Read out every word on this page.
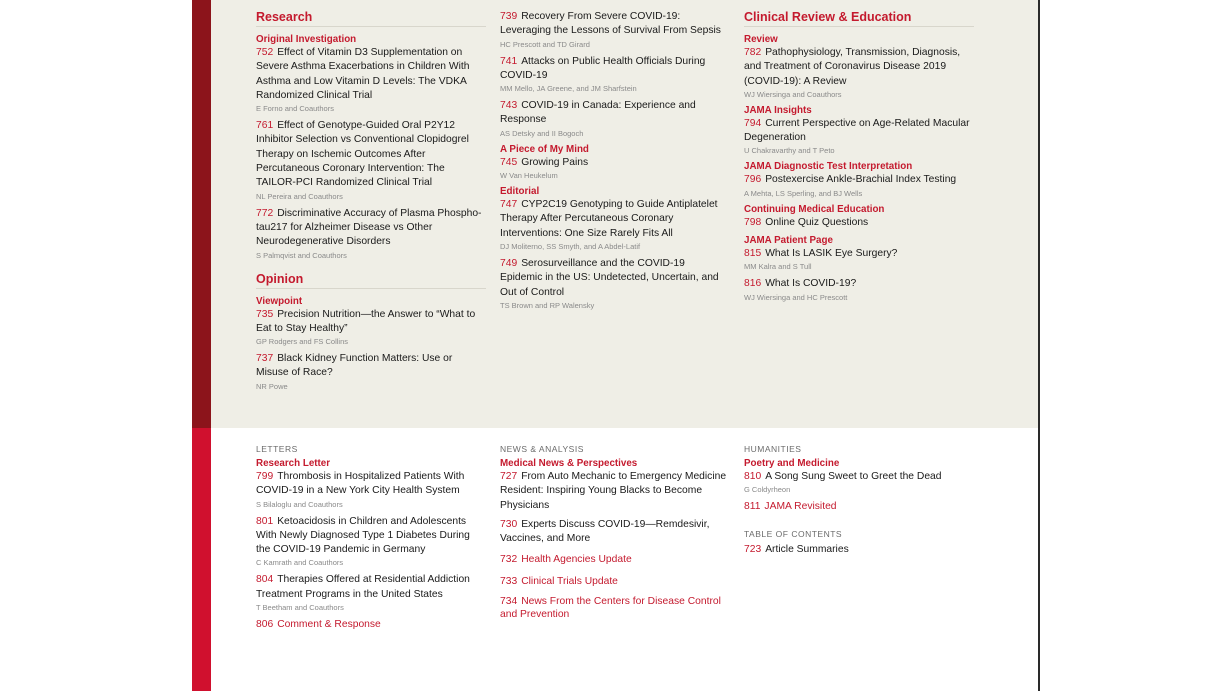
Research
Original Investigation
752 Effect of Vitamin D3 Supplementation on Severe Asthma Exacerbations in Children With Asthma and Low Vitamin D Levels: The VDKA Randomized Clinical Trial
E Forno and Coauthors
761 Effect of Genotype-Guided Oral P2Y12 Inhibitor Selection vs Conventional Clopidogrel Therapy on Ischemic Outcomes After Percutaneous Coronary Intervention: The TAILOR-PCI Randomized Clinical Trial
NL Pereira and Coauthors
772 Discriminative Accuracy of Plasma Phospho-tau217 for Alzheimer Disease vs Other Neurodegenerative Disorders
S Palmqvist and Coauthors
Opinion
Viewpoint
735 Precision Nutrition—the Answer to “What to Eat to Stay Healthy”
GP Rodgers and FS Collins
737 Black Kidney Function Matters: Use or Misuse of Race?
NR Powe
739 Recovery From Severe COVID-19: Leveraging the Lessons of Survival From Sepsis
HC Prescott and TD Girard
741 Attacks on Public Health Officials During COVID-19
MM Mello, JA Greene, and JM Sharfstein
743 COVID-19 in Canada: Experience and Response
AS Detsky and II Bogoch
A Piece of My Mind
745 Growing Pains
W Van Heukelum
Editorial
747 CYP2C19 Genotyping to Guide Antiplatelet Therapy After Percutaneous Coronary Interventions: One Size Rarely Fits All
DJ Moliterno, SS Smyth, and A Abdel-Latif
749 Serosurveillance and the COVID-19 Epidemic in the US: Undetected, Uncertain, and Out of Control
TS Brown and RP Walensky
Clinical Review & Education
Review
782 Pathophysiology, Transmission, Diagnosis, and Treatment of Coronavirus Disease 2019 (COVID-19): A Review
WJ Wiersinga and Coauthors
JAMA Insights
794 Current Perspective on Age-Related Macular Degeneration
U Chakravarthy and T Peto
JAMA Diagnostic Test Interpretation
796 Postexercise Ankle-Brachial Index Testing
A Mehta, LS Sperling, and BJ Wells
Continuing Medical Education
798 Online Quiz Questions
JAMA Patient Page
815 What Is LASIK Eye Surgery?
MM Kalra and S Tull
816 What Is COVID-19?
WJ Wiersinga and HC Prescott
LETTERS
Research Letter
799 Thrombosis in Hospitalized Patients With COVID-19 in a New York City Health System
S Bilaloglu and Coauthors
801 Ketoacidosis in Children and Adolescents With Newly Diagnosed Type 1 Diabetes During the COVID-19 Pandemic in Germany
C Kamrath and Coauthors
804 Therapies Offered at Residential Addiction Treatment Programs in the United States
T Beetham and Coauthors
806 Comment & Response
NEWS & ANALYSIS
Medical News & Perspectives
727 From Auto Mechanic to Emergency Medicine Resident: Inspiring Young Blacks to Become Physicians
730 Experts Discuss COVID-19—Remdesivir, Vaccines, and More
732 Health Agencies Update
733 Clinical Trials Update
734 News From the Centers for Disease Control and Prevention
HUMANITIES
Poetry and Medicine
810 A Song Sung Sweet to Greet the Dead
G Coldyrheon
811 JAMA Revisited
TABLE OF CONTENTS
723 Article Summaries
